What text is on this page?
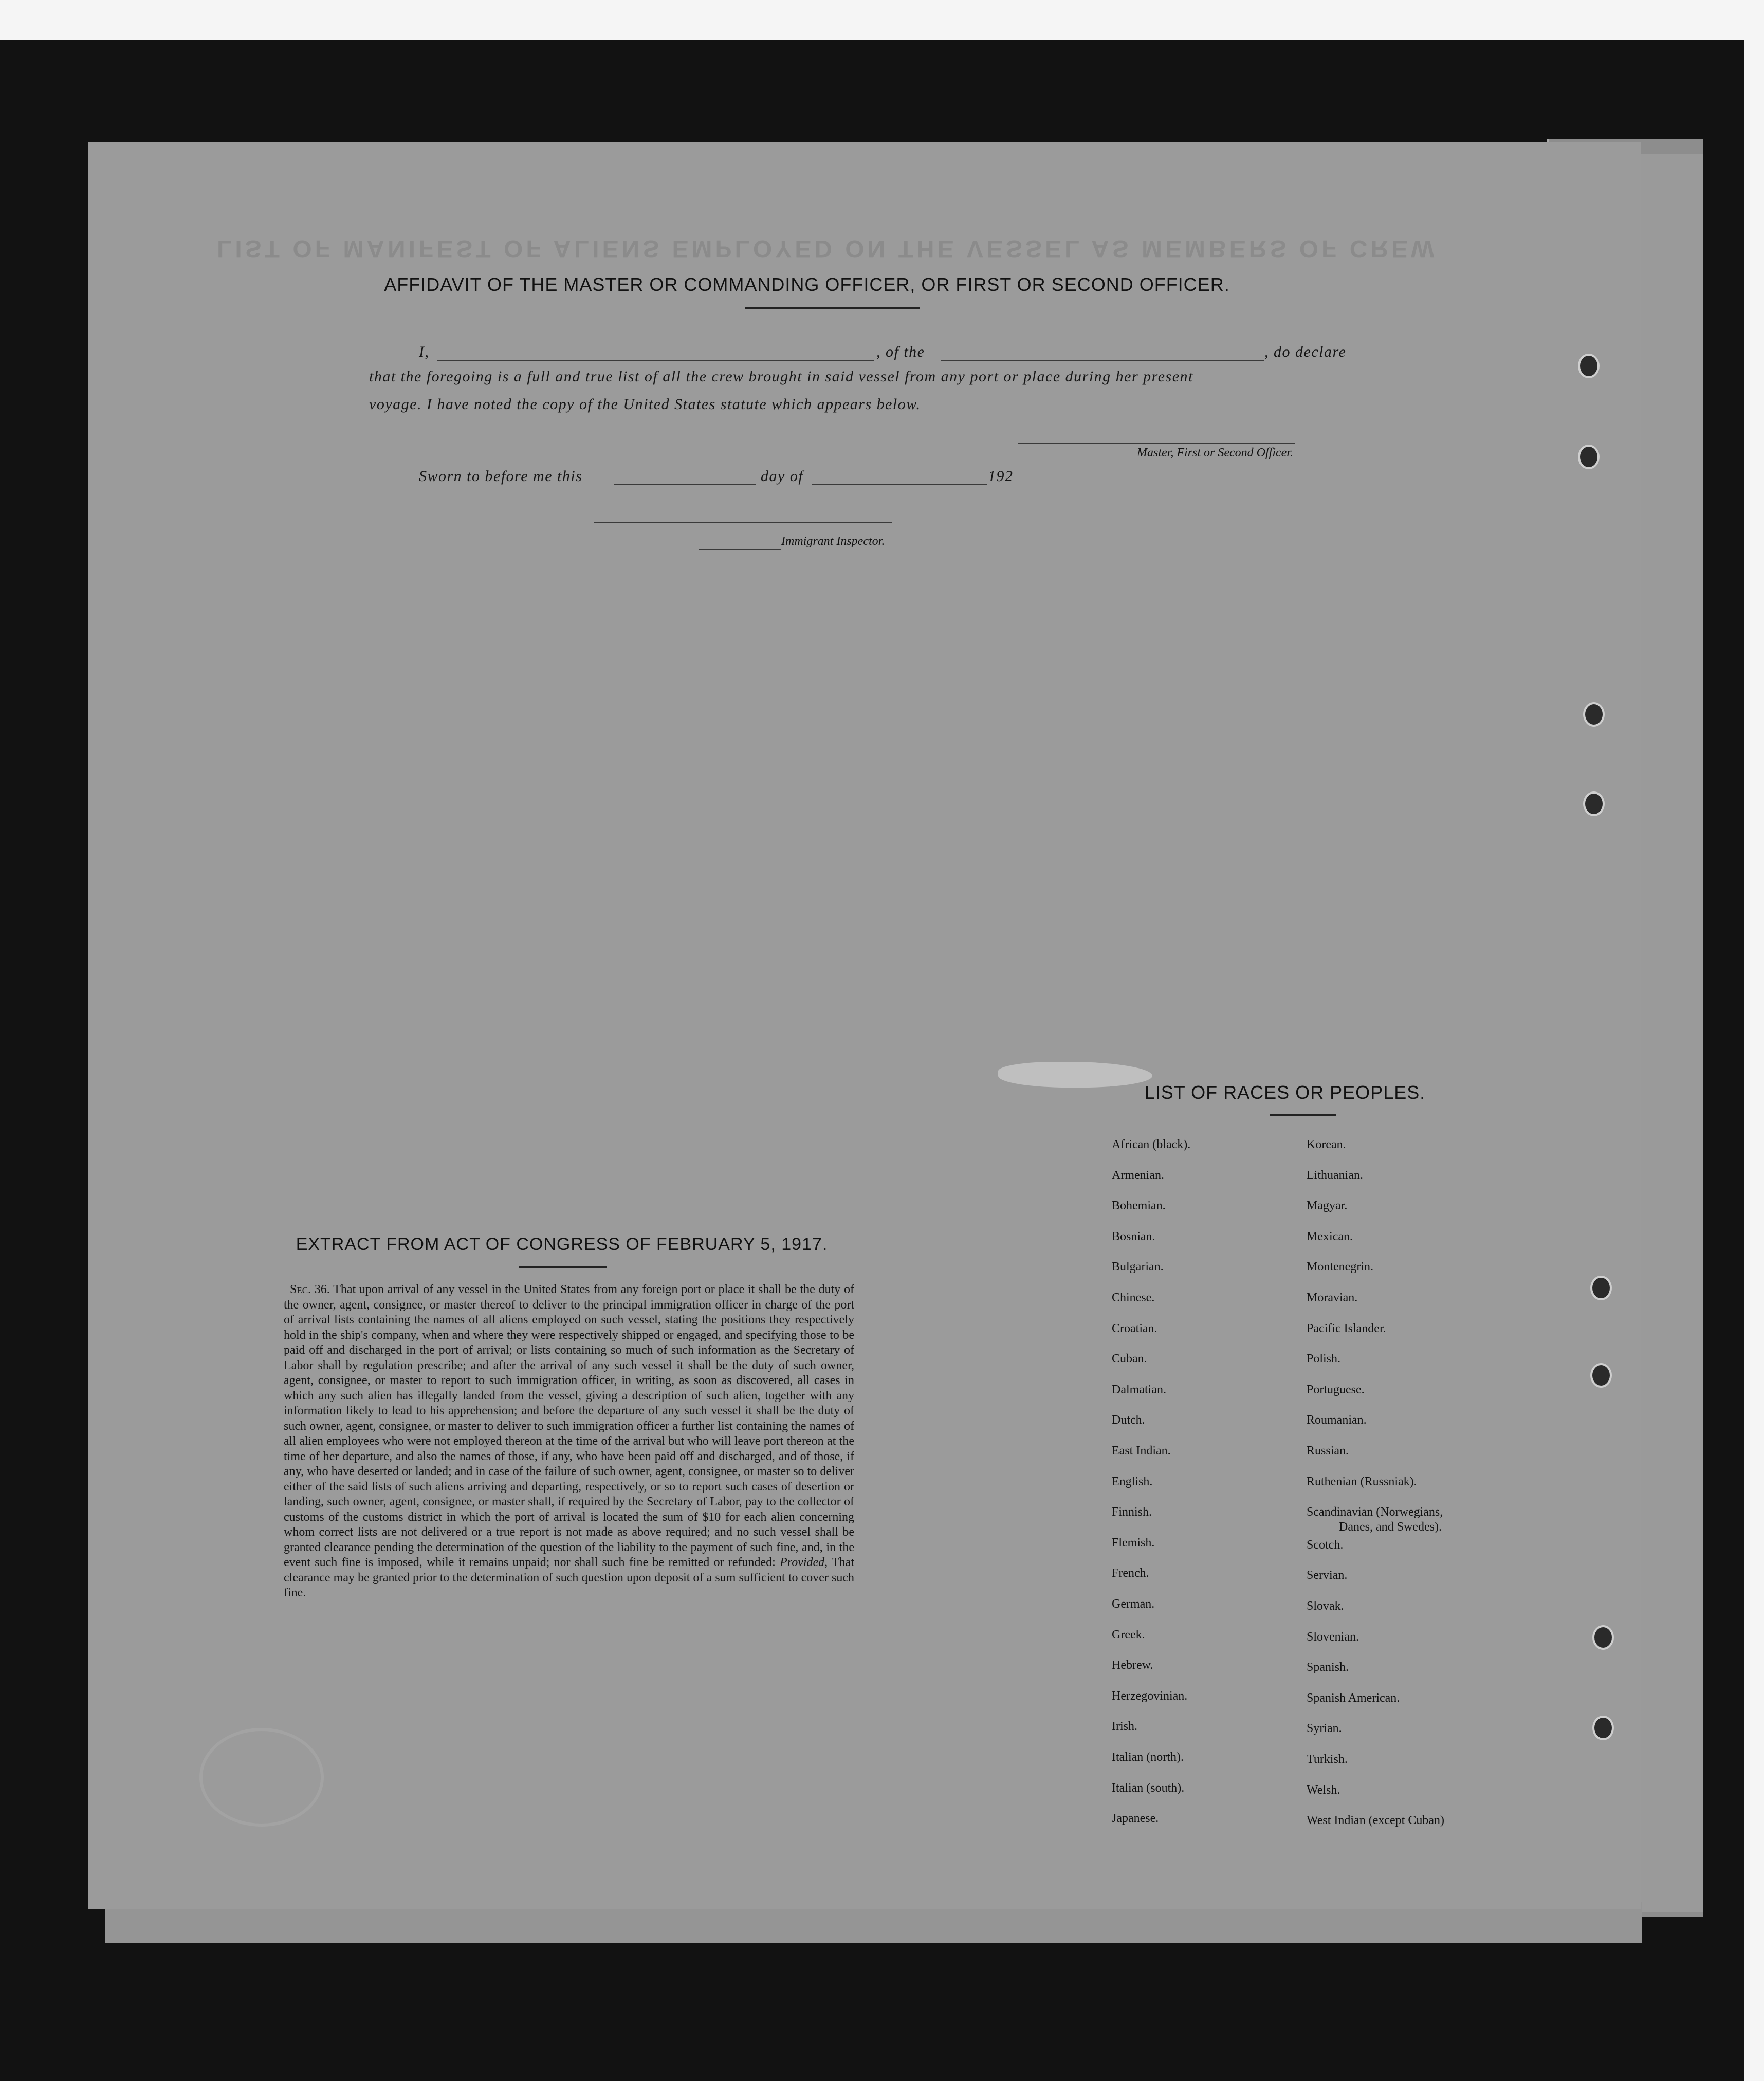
LIST OF MANIFEST OF ALIENS EMPLOYED ON THE VESSEL AS MEMBERS OF CREW
AFFIDAVIT OF THE MASTER OR COMMANDING OFFICER, OR FIRST OR SECOND OFFICER.
I,	, of the	, do declare
that the foregoing is a full and true list of all the crew brought in said vessel from any port or place during her present
voyage. I have noted the copy of the United States statute which appears below.
Master, First or Second Officer.
Sworn to before me this	day of	192
Immigrant Inspector.
EXTRACT FROM ACT OF CONGRESS OF FEBRUARY 5, 1917.
Sec. 36. That upon arrival of any vessel in the United States from any foreign port or place it shall be the duty of the owner, agent, consignee, or master thereof to deliver to the principal immigration officer in charge of the port of arrival lists containing the names of all aliens employed on such vessel, stating the positions they respectively hold in the ship's company, when and where they were respectively shipped or engaged, and specifying those to be paid off and discharged in the port of arrival; or lists containing so much of such information as the Secretary of Labor shall by regulation prescribe; and after the arrival of any such vessel it shall be the duty of such owner, agent, consignee, or master to report to such immigration officer, in writing, as soon as discovered, all cases in which any such alien has illegally landed from the vessel, giving a description of such alien, together with any information likely to lead to his apprehension; and before the departure of any such vessel it shall be the duty of such owner, agent, consignee, or master to deliver to such immigration officer a further list containing the names of all alien employees who were not employed thereon at the time of the arrival but who will leave port thereon at the time of her departure, and also the names of those, if any, who have been paid off and discharged, and of those, if any, who have deserted or landed; and in case of the failure of such owner, agent, consignee, or master so to deliver either of the said lists of such aliens arriving and departing, respectively, or so to report such cases of desertion or landing, such owner, agent, consignee, or master shall, if required by the Secretary of Labor, pay to the collector of customs of the customs district in which the port of arrival is located the sum of $10 for each alien concerning whom correct lists are not delivered or a true report is not made as above required; and no such vessel shall be granted clearance pending the determination of the question of the liability to the payment of such fine, and, in the event such fine is imposed, while it remains unpaid; nor shall such fine be remitted or refunded: Provided, That clearance may be granted prior to the determination of such question upon deposit of a sum sufficient to cover such fine.
LIST OF RACES OR PEOPLES.
African (black).
Armenian.
Bohemian.
Bosnian.
Bulgarian.
Chinese.
Croatian.
Cuban.
Dalmatian.
Dutch.
East Indian.
English.
Finnish.
Flemish.
French.
German.
Greek.
Hebrew.
Herzegovinian.
Irish.
Italian (north).
Italian (south).
Japanese.
Korean.
Lithuanian.
Magyar.
Mexican.
Montenegrin.
Moravian.
Pacific Islander.
Polish.
Portuguese.
Roumanian.
Russian.
Ruthenian (Russniak).
Scandinavian (Norwegians,
Scotch.
Servian.
Slovak.
Slovenian.
Spanish.
Spanish American.
Syrian.
Turkish.
Welsh.
West Indian (except Cuban)
Danes, and Swedes).
